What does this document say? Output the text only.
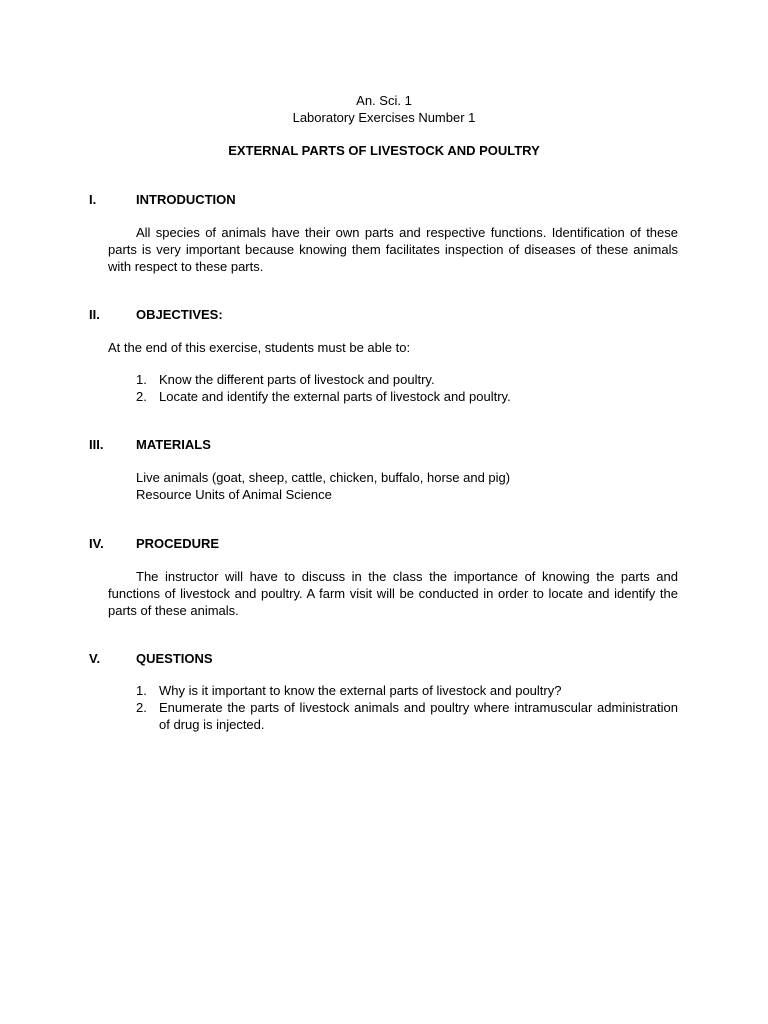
An. Sci. 1
Laboratory Exercises Number 1
EXTERNAL PARTS OF LIVESTOCK AND POULTRY
I.	INTRODUCTION
All species of animals have their own parts and respective functions. Identification of these parts is very important because knowing them facilitates inspection of diseases of these animals with respect to these parts.
II.	OBJECTIVES:
At the end of this exercise, students must be able to:
1. Know the different parts of livestock and poultry.
2. Locate and identify the external parts of livestock and poultry.
III.	MATERIALS
Live animals (goat, sheep, cattle, chicken, buffalo, horse and pig)
Resource Units of Animal Science
IV. PROCEDURE
The instructor will have to discuss in the class the importance of knowing the parts and functions of livestock and poultry. A farm visit will be conducted in order to locate and identify the parts of these animals.
V.	QUESTIONS
1. Why is it important to know the external parts of livestock and poultry?
2. Enumerate the parts of livestock animals and poultry where intramuscular administration of drug is injected.
